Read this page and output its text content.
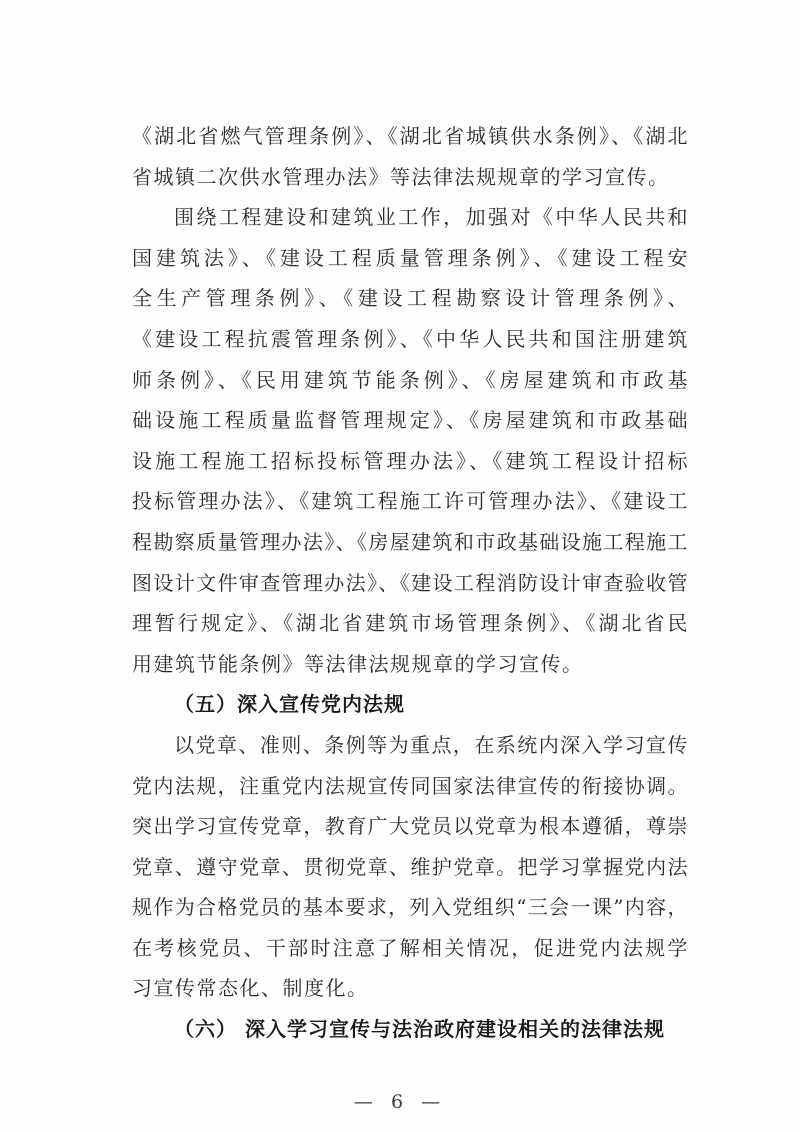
《湖北省燃气管理条例》、《湖北省城镇供水条例》、《湖北
省城镇二次供水管理办法》等法律法规规章的学习宣传。
围绕工程建设和建筑业工作，加强对《中华人民共和
国建筑法》、《建设工程质量管理条例》、《建设工程安
全生产管理条例》、《建设工程勘察设计管理条例》、
《建设工程抗震管理条例》、《中华人民共和国注册建筑
师条例》、《民用建筑节能条例》、《房屋建筑和市政基
础设施工程质量监督管理规定》、《房屋建筑和市政基础
设施工程施工招标投标管理办法》、《建筑工程设计招标
投标管理办法》、《建筑工程施工许可管理办法》、《建设工
程勘察质量管理办法》、《房屋建筑和市政基础设施工程施工
图设计文件审查管理办法》、《建设工程消防设计审查验收管
理暂行规定》、《湖北省建筑市场管理条例》、《湖北省民
用建筑节能条例》等法律法规规章的学习宣传。
（五）深入宣传党内法规
以党章、准则、条例等为重点，在系统内深入学习宣传
党内法规，注重党内法规宣传同国家法律宣传的衔接协调。
突出学习宣传党章，教育广大党员以党章为根本遵循，尊崇
党章、遵守党章、贯彻党章、维护党章。把学习掌握党内法
规作为合格党员的基本要求，列入党组织“三会一课”内容，
在考核党员、干部时注意了解相关情况，促进党内法规学
习宣传常态化、制度化。
（六） 深入学习宣传与法治政府建设相关的法律法规
— 6 —
